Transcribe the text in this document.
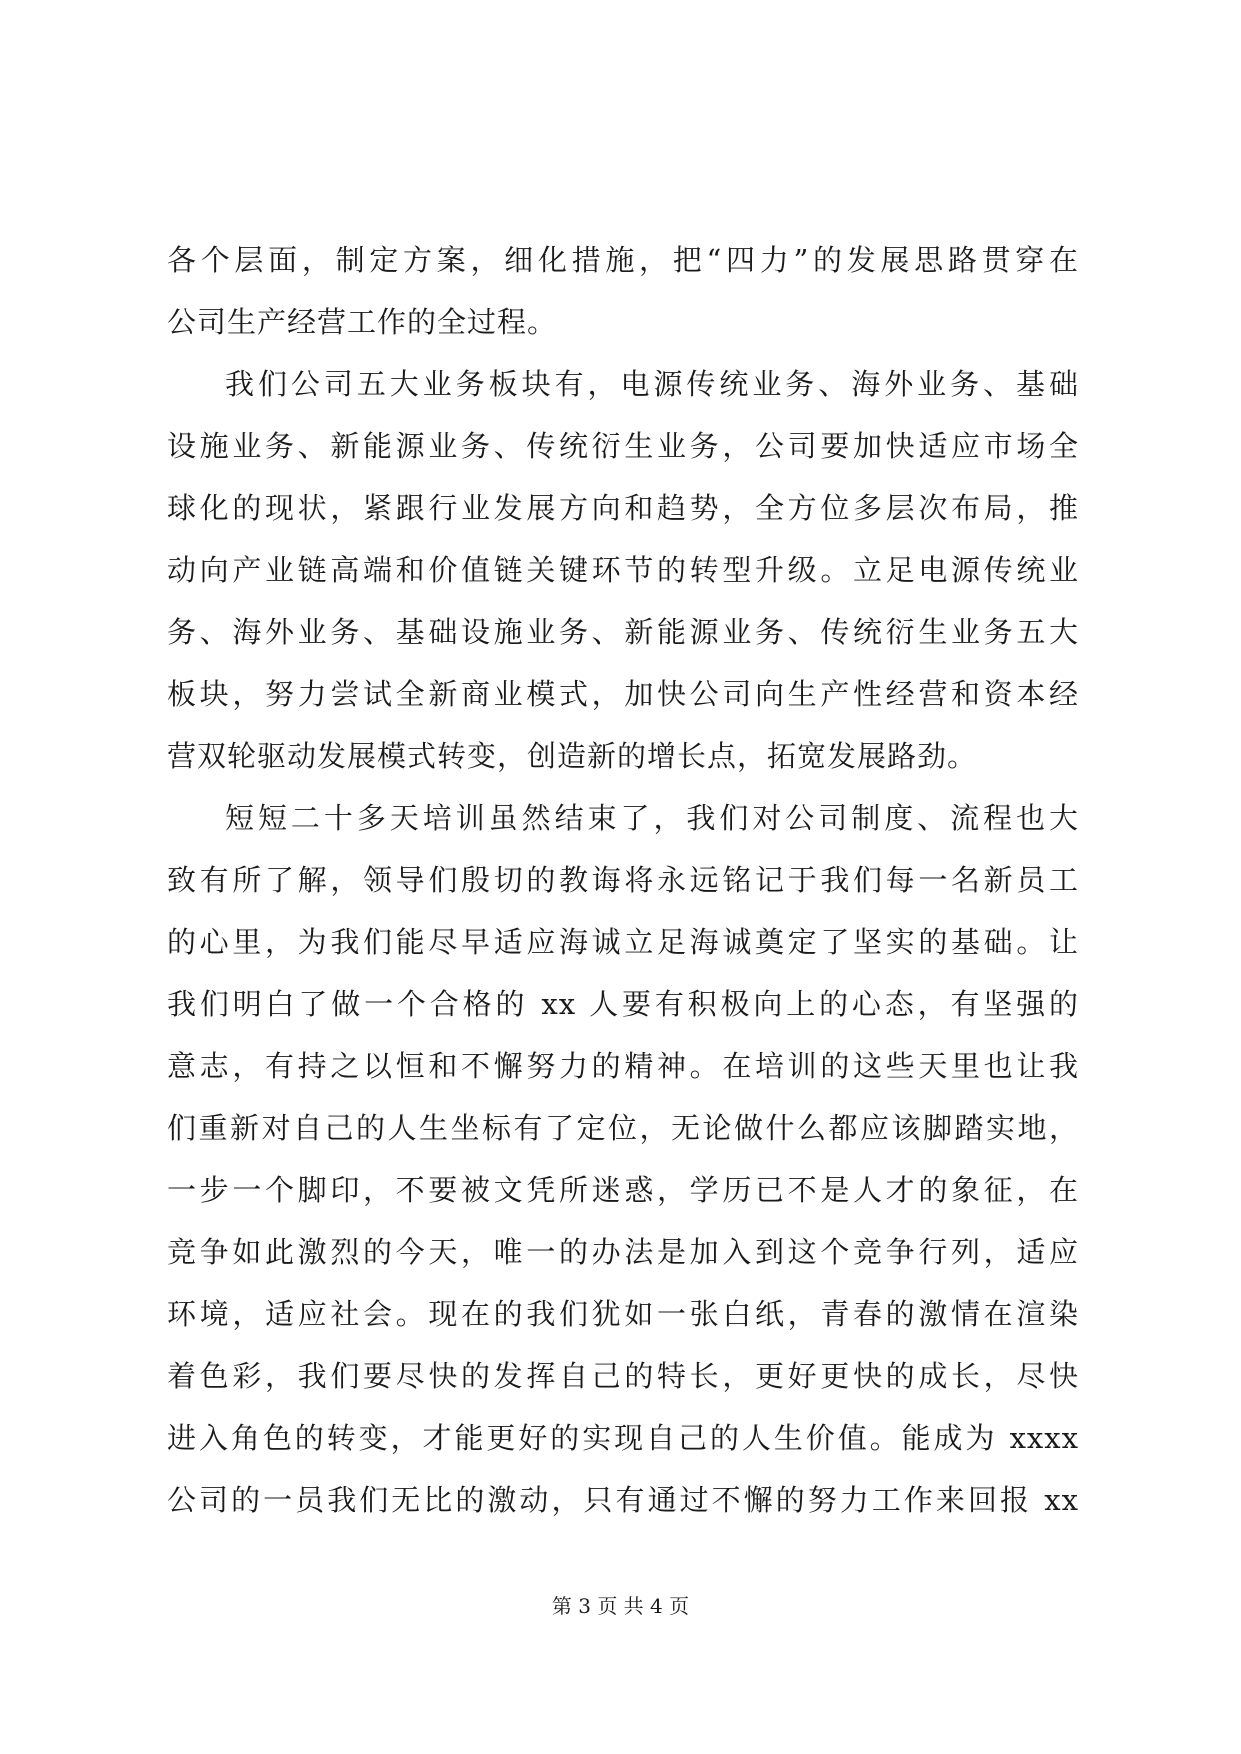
各个层面，制定方案，细化措施，把“四力”的发展思路贯穿在
公司生产经营工作的全过程。
我们公司五大业务板块有，电源传统业务、海外业务、基础
设施业务、新能源业务、传统衍生业务，公司要加快适应市场全
球化的现状，紧跟行业发展方向和趋势，全方位多层次布局，推
动向产业链高端和价值链关键环节的转型升级。立足电源传统业
务、海外业务、基础设施业务、新能源业务、传统衍生业务五大
板块，努力尝试全新商业模式，加快公司向生产性经营和资本经
营双轮驱动发展模式转变，创造新的增长点，拓宽发展路劲。
短短二十多天培训虽然结束了，我们对公司制度、流程也大
致有所了解，领导们殷切的教诲将永远铭记于我们每一名新员工
的心里，为我们能尽早适应海诚立足海诚奠定了坚实的基础。让
我们明白了做一个合格的 xx 人要有积极向上的心态，有坚强的
意志，有持之以恒和不懈努力的精神。在培训的这些天里也让我
们重新对自己的人生坐标有了定位，无论做什么都应该脚踏实地，
一步一个脚印，不要被文凭所迷惑，学历已不是人才的象征，在
竞争如此激烈的今天，唯一的办法是加入到这个竞争行列，适应
环境，适应社会。现在的我们犹如一张白纸，青春的激情在渲染
着色彩，我们要尽快的发挥自己的特长，更好更快的成长，尽快
进入角色的转变，才能更好的实现自己的人生价值。能成为 xxxx
公司的一员我们无比的激动，只有通过不懈的努力工作来回报 xx
第 3 页 共 4 页
